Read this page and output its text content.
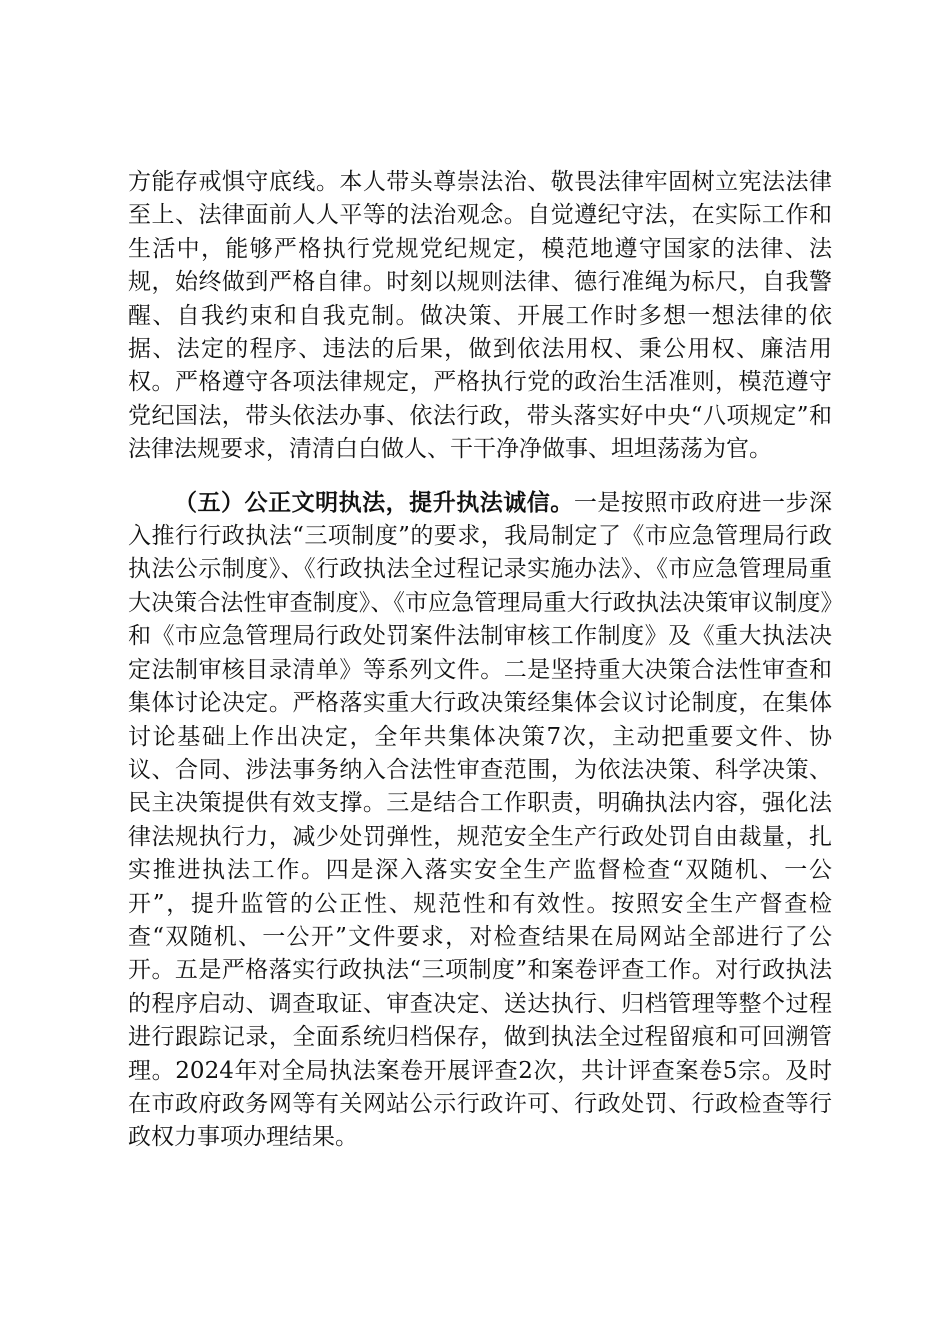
方能存戒惧守底线。本人带头尊崇法治、敬畏法律牢固树立宪法法律至上、法律面前人人平等的法治观念。自觉遵纪守法，在实际工作和生活中，能够严格执行党规党纪规定，模范地遵守国家的法律、法规，始终做到严格自律。时刻以规则法律、德行准绳为标尺，自我警醒、自我约束和自我克制。做决策、开展工作时多想一想法律的依据、法定的程序、违法的后果，做到依法用权、秉公用权、廉洁用权。严格遵守各项法律规定，严格执行党的政治生活准则，模范遵守党纪国法，带头依法办事、依法行政，带头落实好中央“八项规定”和法律法规要求，清清白白做人、干干净净做事、坦坦荡荡为官。

（五）公正文明执法，提升执法诚信。一是按照市政府进一步深入推行行政执法“三项制度”的要求，我局制定了《市应急管理局行政执法公示制度》、《行政执法全过程记录实施办法》、《市应急管理局重大决策合法性审查制度》、《市应急管理局重大行政执法决策审议制度》和《市应急管理局行政处罚案件法制审核工作制度》及《重大执法决定法制审核目录清单》等系列文件。二是坚持重大决策合法性审查和集体讨论决定。严格落实重大行政决策经集体会议讨论制度，在集体讨论基础上作出决定，全年共集体决策7次，主动把重要文件、协议、合同、涉法事务纳入合法性审查范围，为依法决策、科学决策、民主决策提供有效支撑。三是结合工作职责，明确执法内容，强化法律法规执行力，减少处罚弹性，规范安全生产行政处罚自由裁量，扎实推进执法工作。四是深入落实安全生产监督检查“双随机、一公开”，提升监管的公正性、规范性和有效性。按照安全生产督查检查“双随机、一公开”文件要求，对检查结果在局网站全部进行了公开。五是严格落实行政执法“三项制度”和案卷评查工作。对行政执法的程序启动、调查取证、审查决定、送达执行、归档管理等整个过程进行跟踪记录，全面系统归档保存，做到执法全过程留痕和可回溯管理。2024年对全局执法案卷开展评查2次，共计评查案卷5宗。及时在市政府政务网等有关网站公示行政许可、行政处罚、行政检查等行政权力事项办理结果。
